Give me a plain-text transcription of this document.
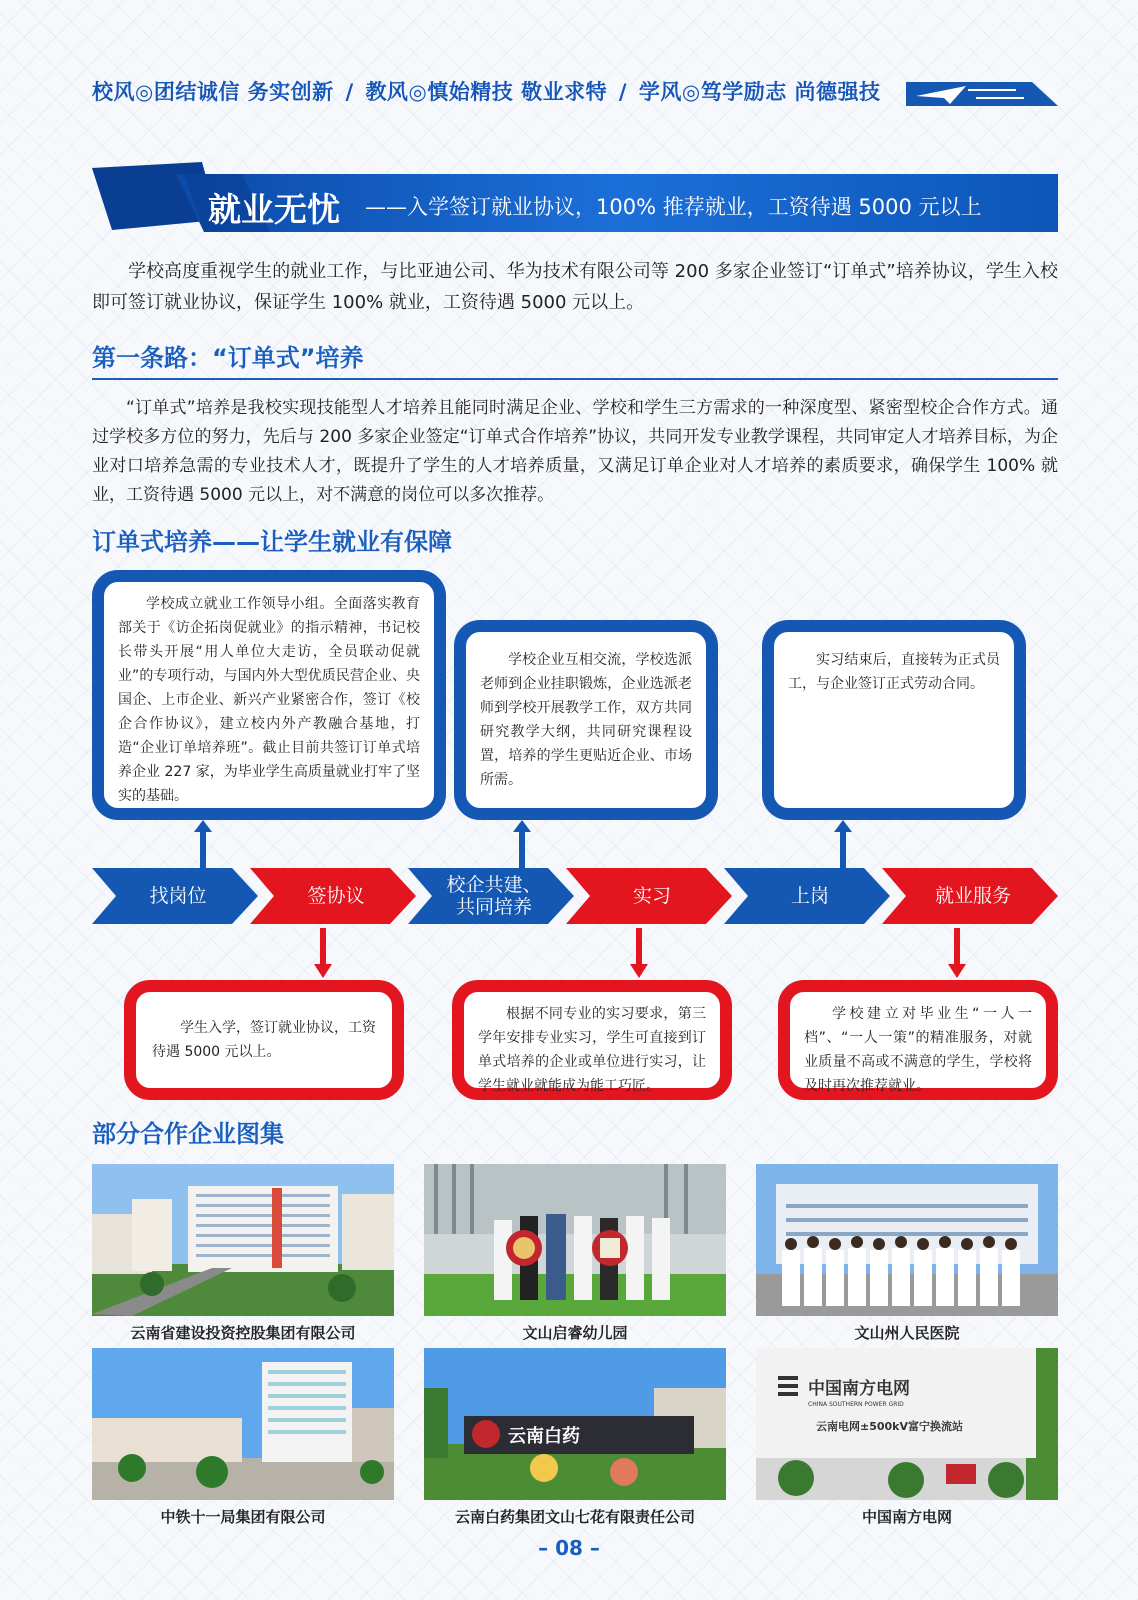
校风◎团结诚信 务实创新 / 教风◎慎始精技 敬业求特 / 学风◎笃学励志 尚德强技
就业无忧 ——入学签订就业协议，100% 推荐就业，工资待遇 5000 元以上
学校高度重视学生的就业工作，与比亚迪公司、华为技术有限公司等 200 多家企业签订“订单式”培养协议，学生入校即可签订就业协议，保证学生 100% 就业，工资待遇 5000 元以上。
第一条路：“订单式”培养
“订单式”培养是我校实现技能型人才培养且能同时满足企业、学校和学生三方需求的一种深度型、紧密型校企合作方式。通过学校多方位的努力，先后与 200 多家企业签定“订单式合作培养”协议，共同开发专业教学课程，共同审定人才培养目标，为企业对口培养急需的专业技术人才，既提升了学生的人才培养质量，又满足订单企业对人才培养的素质要求，确保学生 100% 就业，工资待遇 5000 元以上，对不满意的岗位可以多次推荐。
订单式培养——让学生就业有保障
学校成立就业工作领导小组。全面落实教育部关于《访企拓岗促就业》的指示精神，书记校长带头开展“用人单位大走访，全员联动促就业”的专项行动，与国内外大型优质民营企业、央国企、上市企业、新兴产业紧密合作，签订《校企合作协议》，建立校内外产教融合基地，打造“企业订单培养班”。截止目前共签订订单式培养企业 227 家，为毕业学生高质量就业打牢了坚实的基础。
学校企业互相交流，学校选派老师到企业挂职锻炼，企业选派老师到学校开展教学工作，双方共同研究教学大纲，共同研究课程设置，培养的学生更贴近企业、市场所需。
实习结束后，直接转为正式员工，与企业签订正式劳动合同。
找岗位	签协议	校企共建、
共同培养	实习	上岗	就业服务
学生入学，签订就业协议，工资待遇 5000 元以上。
根据不同专业的实习要求，第三学年安排专业实习，学生可直接到订单式培养的企业或单位进行实习，让学生就业就能成为能工巧匠。
学校建立对毕业生“一人一档”、“一人一策”的精准服务，对就业质量不高或不满意的学生，学校将及时再次推荐就业。
部分合作企业图集
云南省建设投资控股集团有限公司	文山启睿幼儿园	文山州人民医院
中铁十一局集团有限公司
云南白药
云南白药集团文山七花有限责任公司
中国南方电网
CHINA SOUTHERN POWER GRID
云南电网±500kV富宁换流站
中国南方电网
– 08 –
